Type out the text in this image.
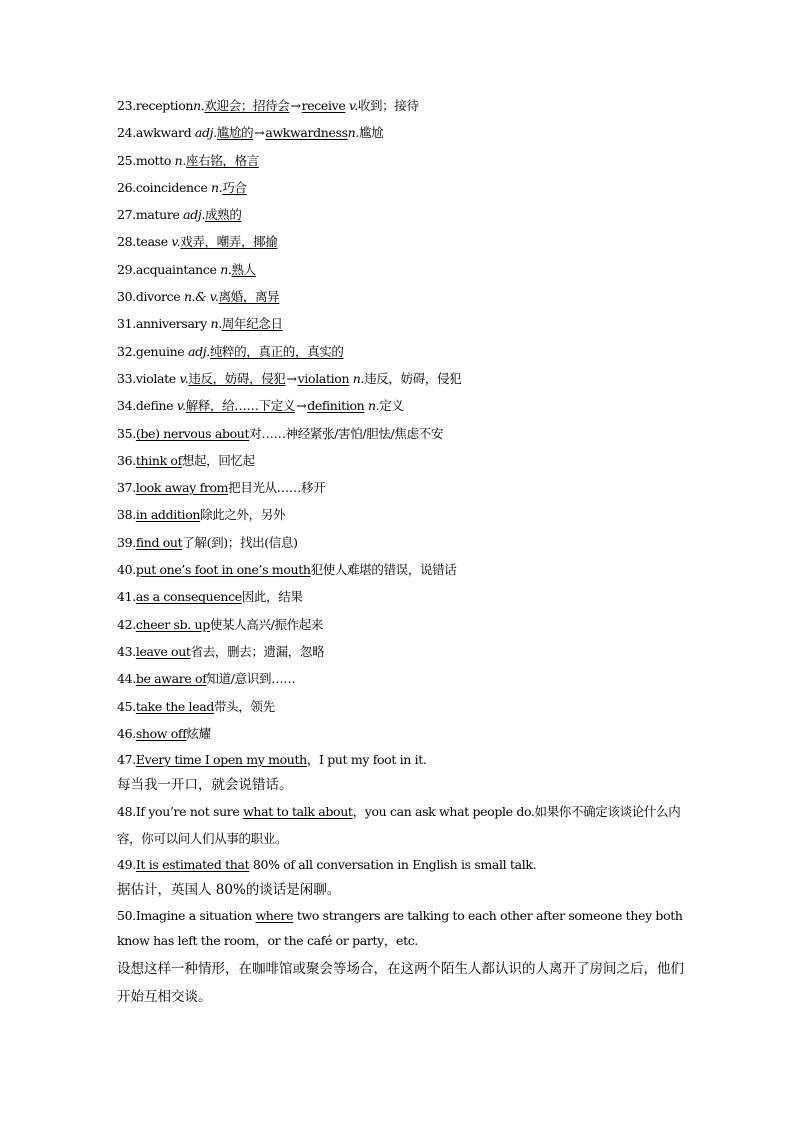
23.receptionn.欢迎会；招待会→receive v.收到；接待
24.awkward adj.尴尬的→awkwardnessn.尴尬
25.motto n.座右铭，格言
26.coincidence n.巧合
27.mature adj.成熟的
28.tease v.戏弄，嘲弄，揶揄
29.acquaintance n.熟人
30.divorce n.& v.离婚，离异
31.anniversary n.周年纪念日
32.genuine adj.纯粹的，真正的，真实的
33.violate v.违反，妨碍，侵犯→violation n.违反，妨碍，侵犯
34.define v.解释，给……下定义→definition n.定义
35.(be) nervous about对……神经紧张/害怕/胆怯/焦虑不安
36.think of想起，回忆起
37.look away from把目光从……移开
38.in addition除此之外，另外
39.find out了解(到)；找出(信息)
40.put one’s foot in one’s mouth犯使人难堪的错误，说错话
41.as a consequence因此，结果
42.cheer sb. up使某人高兴/振作起来
43.leave out省去，删去；遗漏，忽略
44.be aware of知道/意识到……
45.take the lead带头，领先
46.show off炫耀
47.Every time I open my mouth，I put my foot in it.
每当我一开口，就会说错话。
48.If you’re not sure what to talk about，you can ask what people do.如果你不确定该谈论什么内容，你可以问人们从事的职业。
49.It is estimated that 80% of all conversation in English is small talk.
据估计，英国人 80%的谈话是闲聊。
50.Imagine a situation where two strangers are talking to each other after someone they both know has left the room，or the café or party，etc.
设想这样一种情形，在咖啡馆或聚会等场合，在这两个陌生人都认识的人离开了房间之后，他们开始互相交谈。
